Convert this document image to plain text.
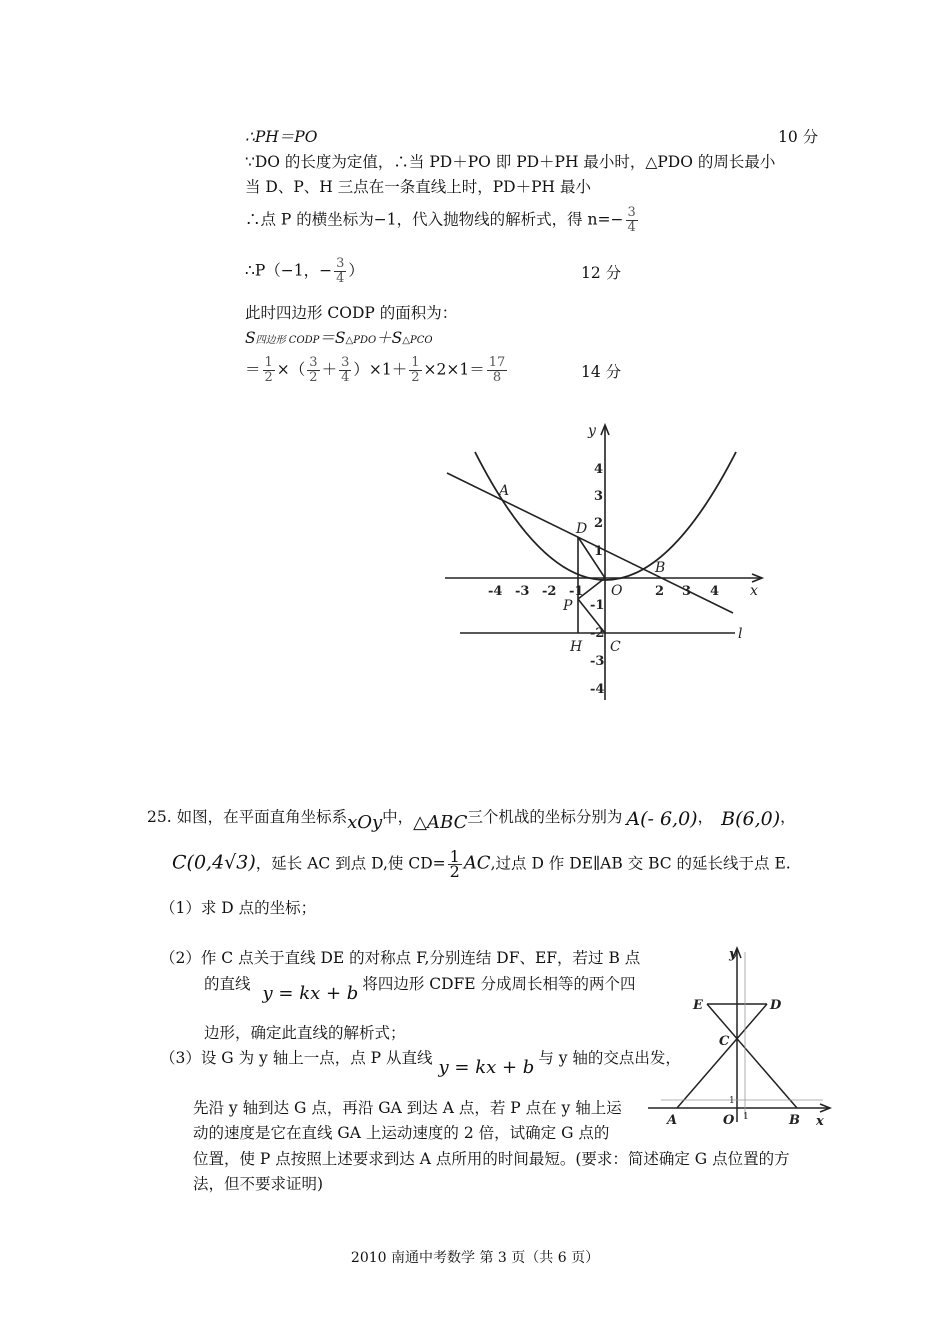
∴PH＝PO	10 分
∵DO 的长度为定值，∴当 PD＋PO 即 PD＋PH 最小时，△PDO 的周长最小
当 D、P、H 三点在一条直线上时，PD＋PH 最小
∴点 P 的横坐标为−1，代入抛物线的解析式，得 $n=- \frac{3}{4}$
∴P（−1，− $\frac{3}{4}$ ）	12 分
此时四边形 CODP 的面积为：
S四边形 CODP＝S△PDO＋S△PCO
＝ $\frac{1}{2}$ ×（ $\frac{3}{2} + \frac{3}{4} )\times 1+ \frac{1}{2} \times 2\times 1= \frac{17}{8}$	14 分
-4 -3 -2 -1	2 3 4
4
3
2
1
-1
-2
-3
-4
y
x
A
D
B
O
P
H C
l
25. 如图，在平面直角坐标系xOy中，△ABC三个机战的坐标分别为 A(- 6,0)， B(6,0)，
C(0,4√3)，延长 AC 到点 D,使 $CD= \frac{1}{2}$ AC,过点 D 作 DE∥AB 交 BC 的延长线于点 E.
（1）求 D 点的坐标；
（2）作 C 点关于直线 DE 的对称点 F,分别连结 DF、EF，若过 B 点
的直线 y = kx + b 将四边形 CDFE 分成周长相等的两个四
边形，确定此直线的解析式；
（3）设 G 为 y 轴上一点，点 P 从直线 y = kx + b 与 y 轴的交点出发，
先沿 y 轴到达 G 点，再沿 GA 到达 A 点，若 P 点在 y 轴上运
动的速度是它在直线 GA 上运动速度的 2 倍，试确定 G 点的
位置，使 P 点按照上述要求到达 A 点所用的时间最短。(要求：简述确定 G 点位置的方
法，但不要求证明)
y
x
E	D
C
A	O	B
1
1
2010 南通中考数学 第 3 页（共 6 页）
